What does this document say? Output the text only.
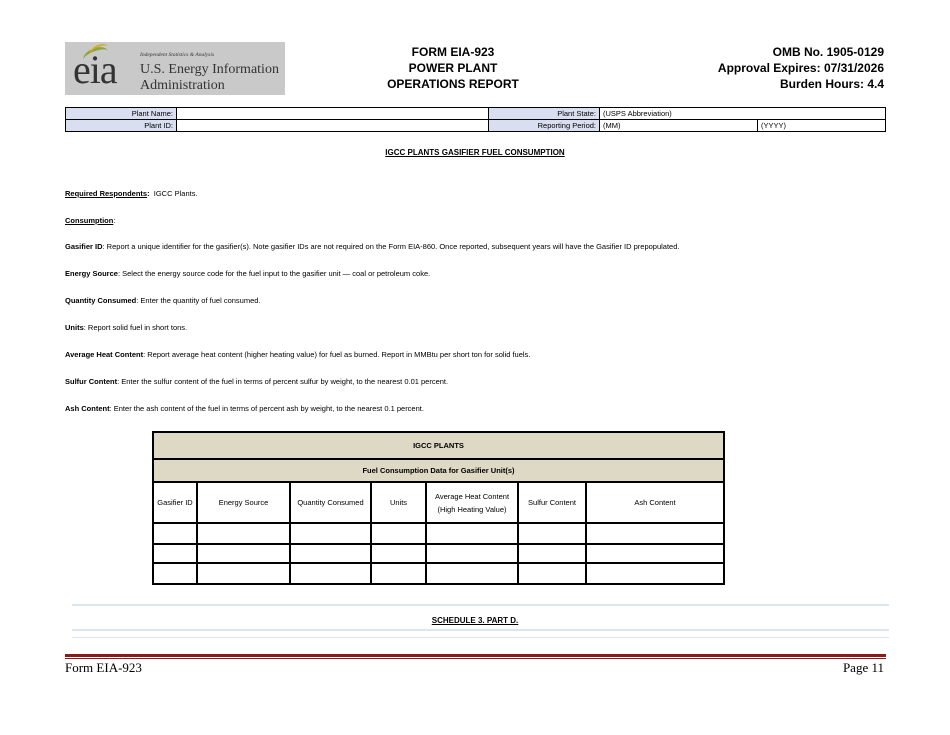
eia	Independent Statistics & Analysis
U.S. Energy Information
Administration
FORM EIA-923
POWER PLANT
OPERATIONS REPORT
OMB No. 1905-0129
Approval Expires: 07/31/2026
Burden Hours: 4.4
Plant Name:		Plant State:	(USPS Abbreviation)	
Plant ID:		Reporting Period:	(MM)	(YYYY)
IGCC PLANTS GASIFIER FUEL CONSUMPTION
Required Respondents: IGCC Plants.
Consumption:
Gasifier ID: Report a unique identifier for the gasifier(s). Note gasifier IDs are not required on the Form EIA-860. Once reported, subsequent years will have the Gasifier ID prepopulated.
Energy Source: Select the energy source code for the fuel input to the gasifier unit — coal or petroleum coke.
Quantity Consumed: Enter the quantity of fuel consumed.
Units: Report solid fuel in short tons.
Average Heat Content: Report average heat content (higher heating value) for fuel as burned. Report in MMBtu per short ton for solid fuels.
Sulfur Content: Enter the sulfur content of the fuel in terms of percent sulfur by weight, to the nearest 0.01 percent.
Ash Content: Enter the ash content of the fuel in terms of percent ash by weight, to the nearest 0.1 percent.
IGCC PLANTS						
Fuel Consumption Data for Gasifier Unit(s)						
Gasifier ID	Energy Source	Quantity Consumed	Units	Average Heat Content (High Heating Value)	Sulfur Content	Ash Content

SCHEDULE 3. PART D.
Form EIA-923	Page 11
